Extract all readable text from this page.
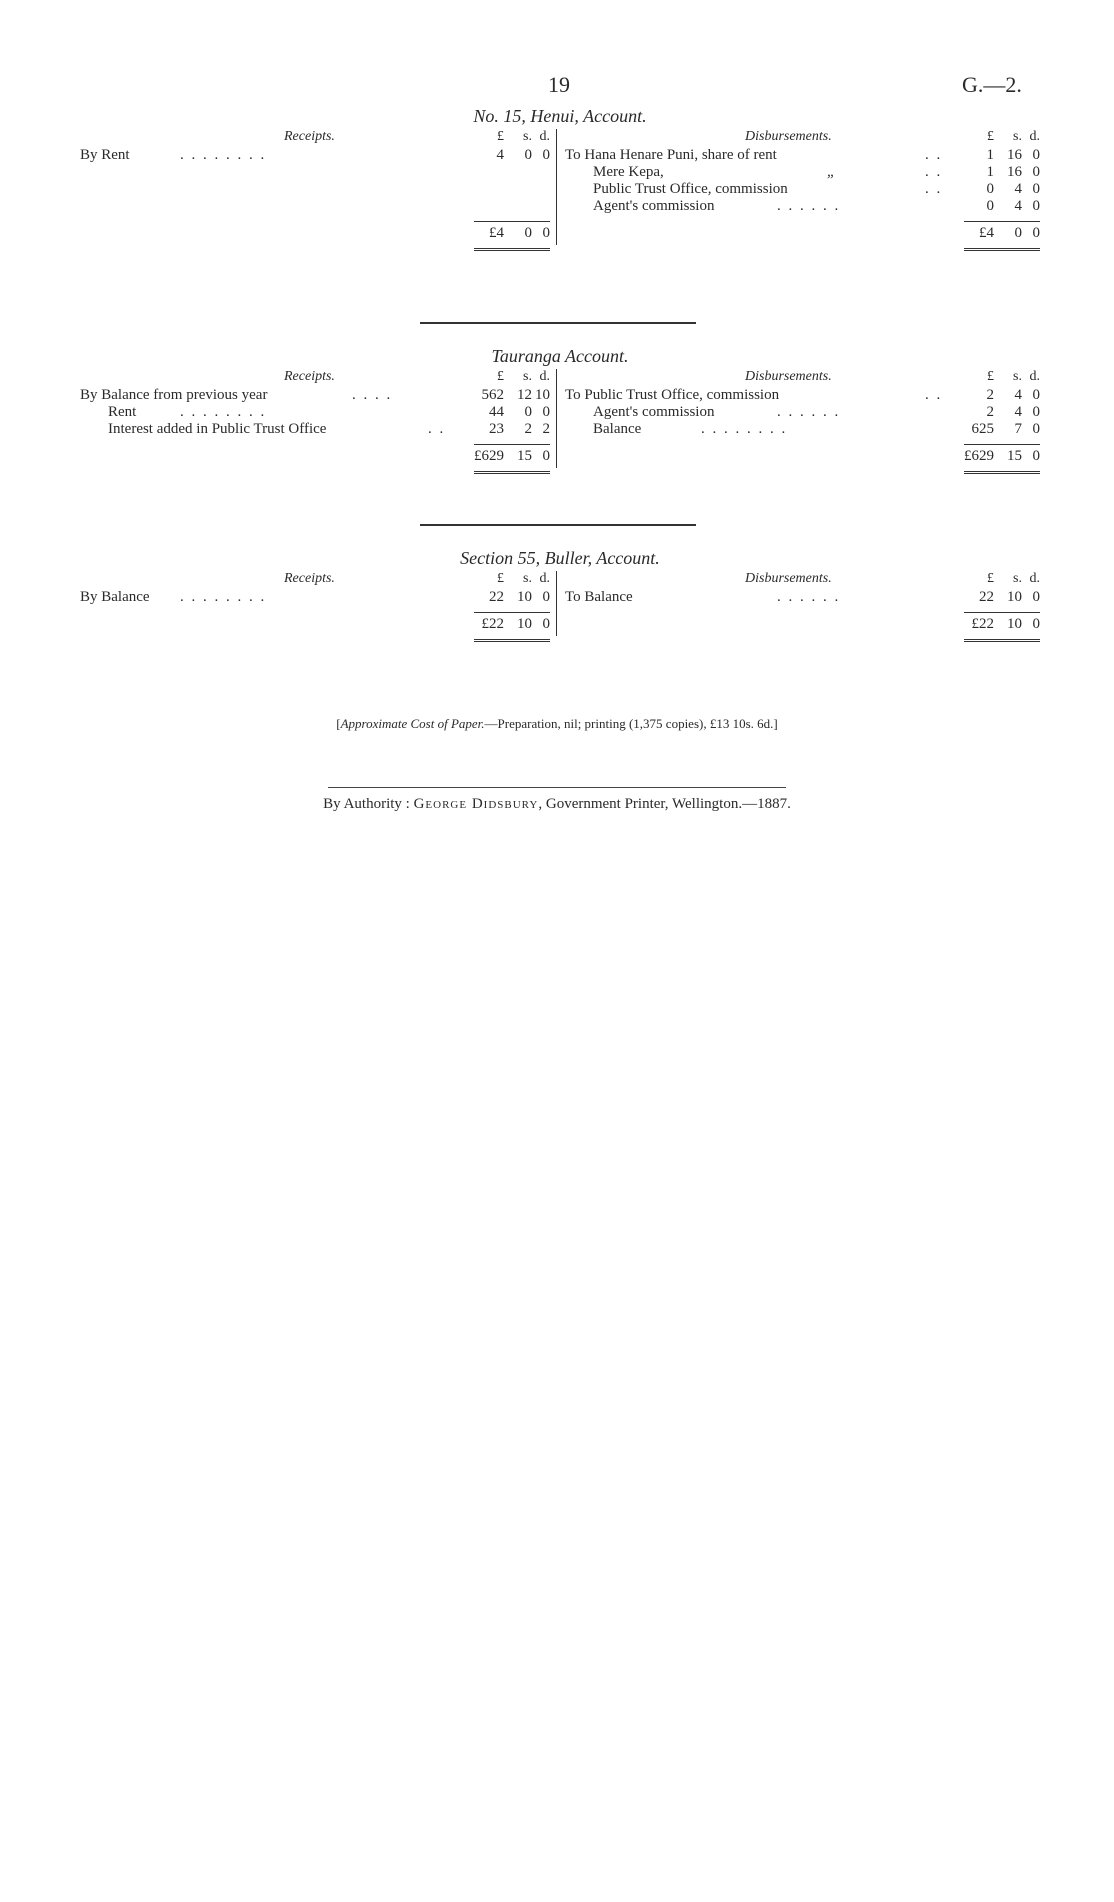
19	G.—2.
No. 15, Henui, Account.
Receipts.	£ s. d.
By Rent	. . . . . . . .	4 0 0
£4 0 0
Disbursements.	£ s. d.
To Hana Henare Puni, share of rent	. .	1 16 0
Mere Kepa,	„	. .	1 16 0
Public Trust Office, commission	. .	0 4 0
Agent's commission	. . . . . .	0 4 0
£4 0 0
Tauranga Account.
Receipts.	£ s. d.
By Balance from previous year	. . . .	562 12 10
Rent	. . . . . . . .	44 0 0
Interest added in Public Trust Office	. .	23 2 2
£629 15 0
Disbursements.	£ s. d.
To Public Trust Office, commission	. .	2 4 0
Agent's commission	. . . . . .	2 4 0
Balance	. . . . . . . .	625 7 0
£629 15 0
Section 55, Buller, Account.
Receipts.	£ s. d.
By Balance . . . . . . . .	22 10 0
£22 10 0
Disbursements.	£ s. d.
To Balance	. . . . . .	22 10 0
£22 10 0
[Approximate Cost of Paper.—Preparation, nil; printing (1,375 copies), £13 10s. 6d.]
By Authority : George Didsbury, Government Printer, Wellington.—1887.
